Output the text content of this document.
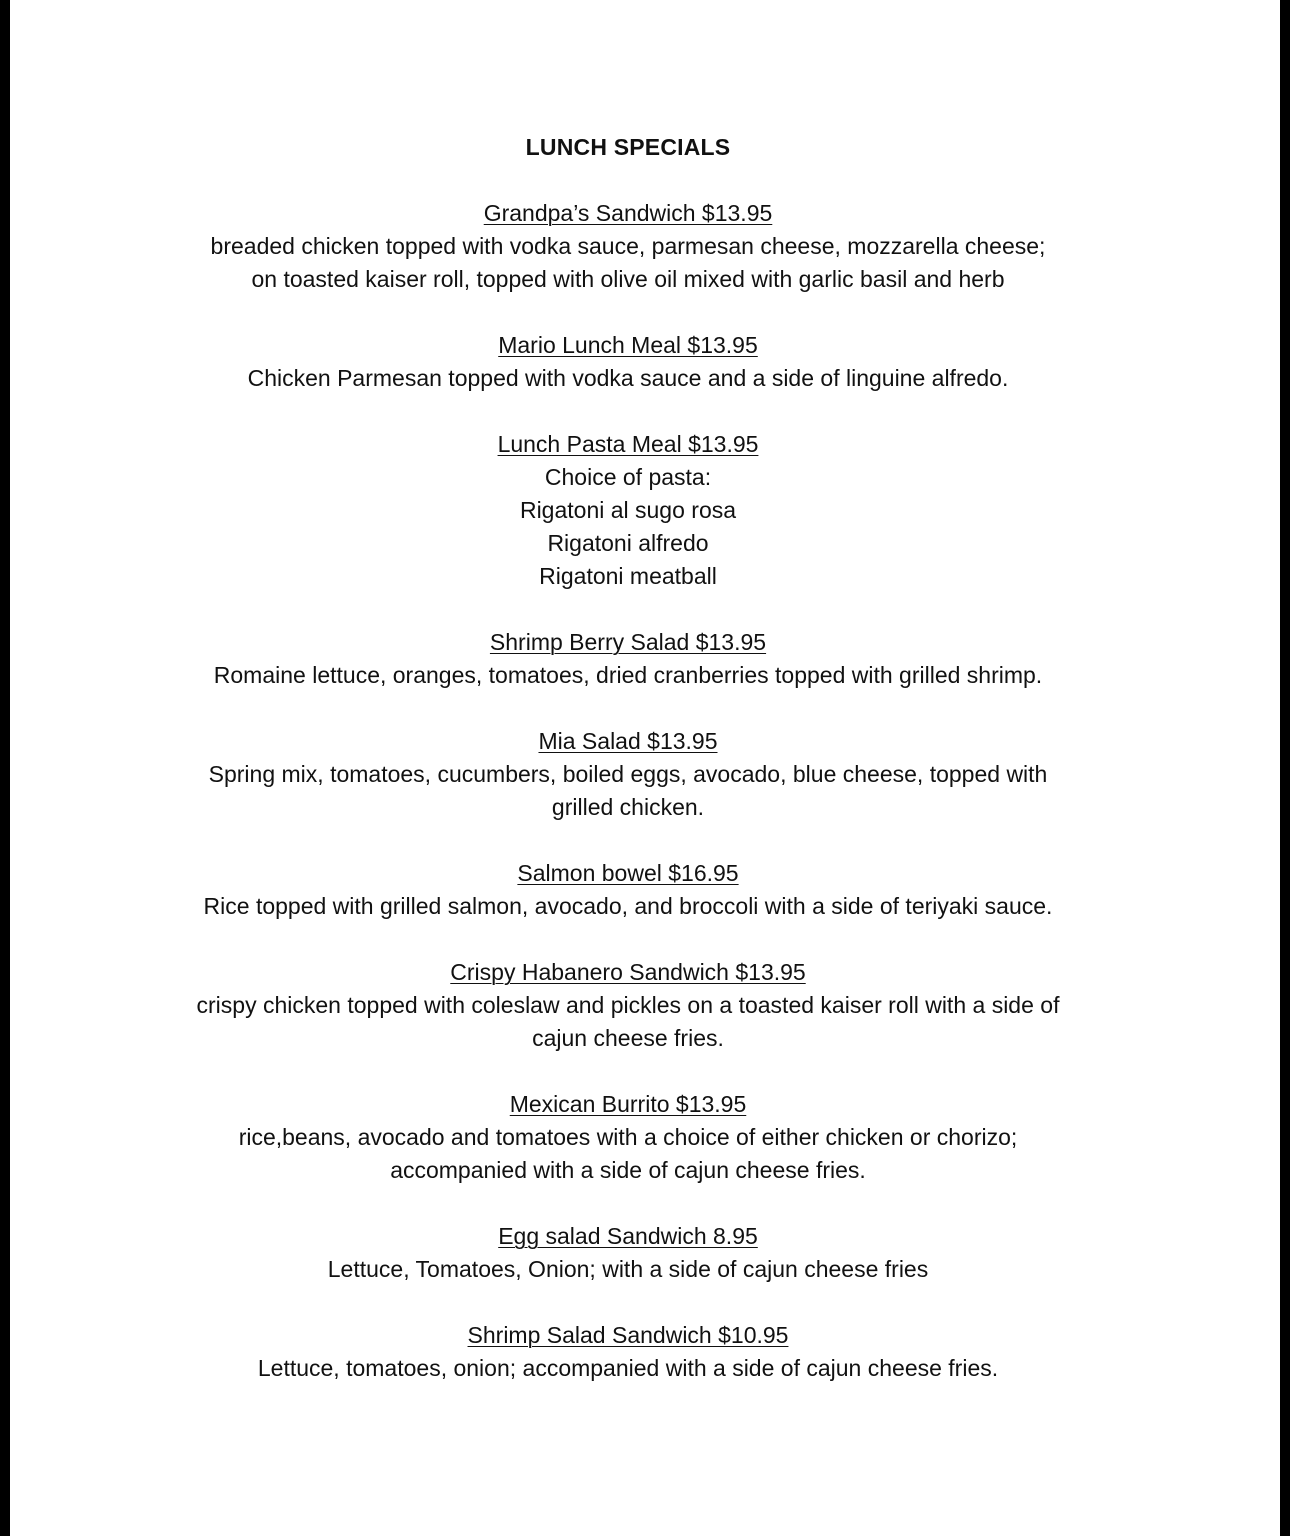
LUNCH SPECIALS
Grandpa’s Sandwich $13.95
breaded chicken topped with vodka sauce, parmesan cheese, mozzarella cheese;
on toasted kaiser roll, topped with olive oil mixed with garlic basil and herb
Mario Lunch Meal $13.95
Chicken Parmesan topped with vodka sauce and a side of linguine alfredo.
Lunch Pasta Meal $13.95
Choice of pasta:
Rigatoni al sugo rosa
Rigatoni alfredo
Rigatoni meatball
Shrimp Berry Salad $13.95
Romaine lettuce, oranges, tomatoes, dried cranberries topped with grilled shrimp.
Mia Salad $13.95
Spring mix, tomatoes, cucumbers, boiled eggs, avocado, blue cheese, topped with
grilled chicken.
Salmon bowel $16.95
Rice topped with grilled salmon, avocado, and broccoli with a side of teriyaki sauce.
Crispy Habanero Sandwich $13.95
crispy chicken topped with coleslaw and pickles on a toasted kaiser roll with a side of
cajun cheese fries.
Mexican Burrito $13.95
rice,beans, avocado and tomatoes with a choice of either chicken or chorizo;
accompanied with a side of cajun cheese fries.
Egg salad Sandwich 8.95
Lettuce, Tomatoes, Onion; with a side of cajun cheese fries
Shrimp Salad Sandwich $10.95
Lettuce, tomatoes, onion; accompanied with a side of cajun cheese fries.
